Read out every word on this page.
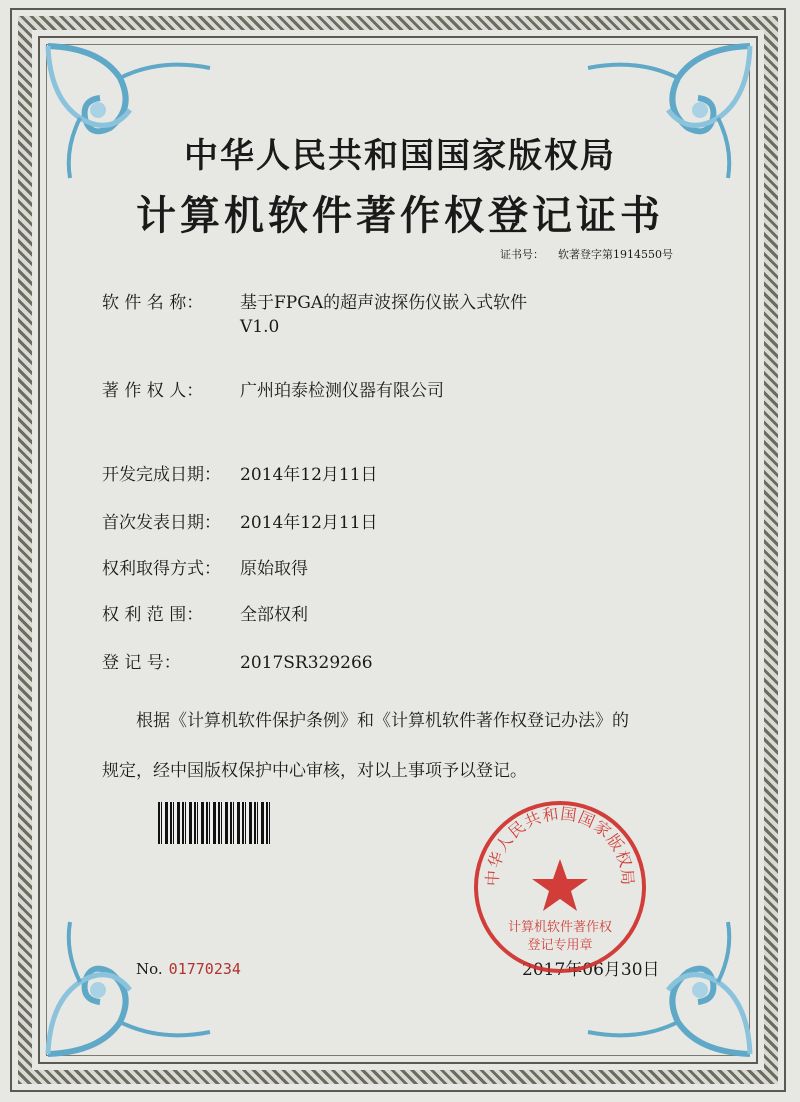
中华人民共和国国家版权局
计算机软件著作权登记证书
证书号： 软著登字第1914550号
软 件 名 称： 基于FPGA的超声波探伤仪嵌入式软件
V1.0
著 作 权 人： 广州珀泰检测仪器有限公司
开发完成日期： 2014年12月11日
首次发表日期： 2014年12月11日
权利取得方式： 原始取得
权 利 范 围： 全部权利
登 记 号：	2017SR329266
根据《计算机软件保护条例》和《计算机软件著作权登记办法》的
规定，经中国版权保护中心审核，对以上事项予以登记。
No. 01770234	2017年06月30日
中华人民共和国国家版权局
计算机软件著作权
登记专用章
